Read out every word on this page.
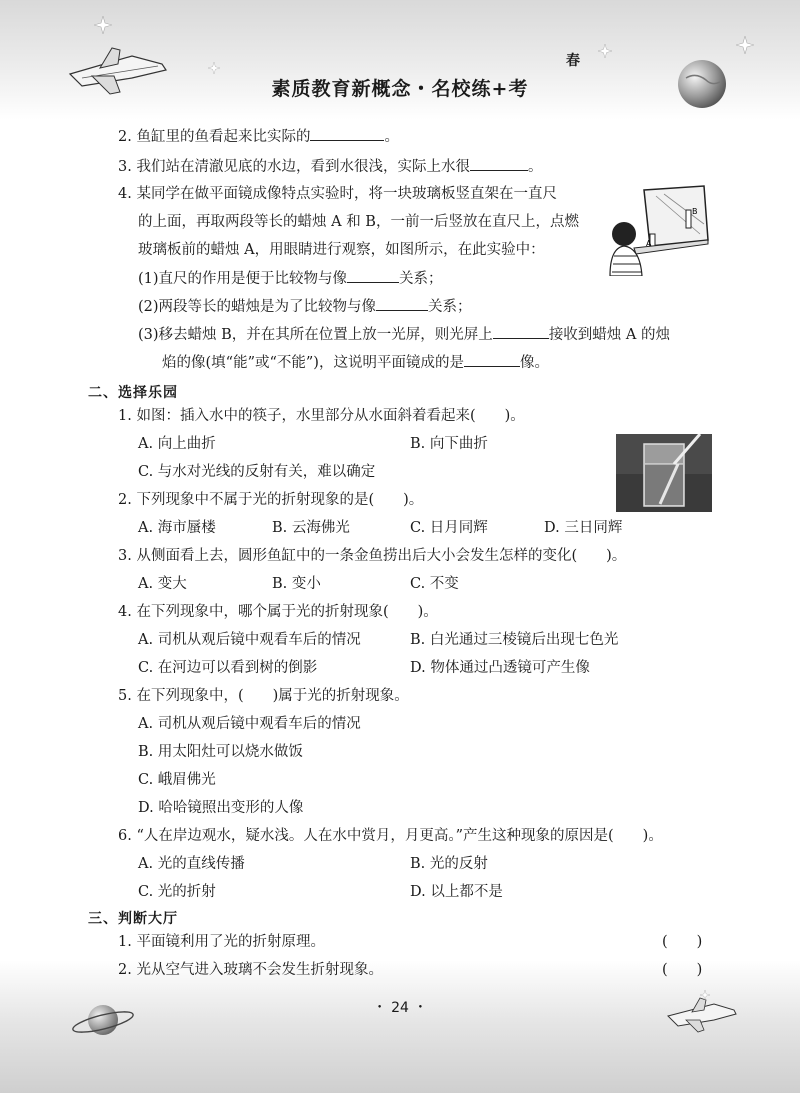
素质教育新概念・名校练+考
春
2. 鱼缸里的鱼看起来比实际的	。
3. 我们站在清澈见底的水边，看到水很浅，实际上水很	。
4. 某同学在做平面镜成像特点实验时，将一块玻璃板竖直架在一直尺
的上面，再取两段等长的蜡烛 A 和 B，一前一后竖放在直尺上，点燃
玻璃板前的蜡烛 A，用眼睛进行观察，如图所示，在此实验中：
(1)直尺的作用是便于比较物与像	关系；
(2)两段等长的蜡烛是为了比较物与像	关系；
(3)移去蜡烛 B，并在其所在位置上放一光屏，则光屏上	接收到蜡烛 A 的烛
焰的像(填“能”或“不能”)，这说明平面镜成的是	像。
B
A
二、选择乐园
1. 如图：插入水中的筷子，水里部分从水面斜着看起来(　　)。
A. 向上曲折	B. 向下曲折
C. 与水对光线的反射有关，难以确定
2. 下列现象中不属于光的折射现象的是(　　)。
A. 海市蜃楼	B. 云海佛光	C. 日月同辉	D. 三日同辉
3. 从侧面看上去，圆形鱼缸中的一条金鱼捞出后大小会发生怎样的变化(　　)。
A. 变大	B. 变小	C. 不变
4. 在下列现象中，哪个属于光的折射现象(　　)。
A. 司机从观后镜中观看车后的情况	B. 白光通过三棱镜后出现七色光
C. 在河边可以看到树的倒影	D. 物体通过凸透镜可产生像
5. 在下列现象中，(　　)属于光的折射现象。
A. 司机从观后镜中观看车后的情况
B. 用太阳灶可以烧水做饭
C. 峨眉佛光
D. 哈哈镜照出变形的人像
6. “人在岸边观水，疑水浅。人在水中赏月，月更高。”产生这种现象的原因是(　　)。
A. 光的直线传播	B. 光的反射
C. 光的折射	D. 以上都不是
三、判断大厅
1. 平面镜利用了光的折射原理。	(　　)
2. 光从空气进入玻璃不会发生折射现象。	(　　)
・ 24 ・
